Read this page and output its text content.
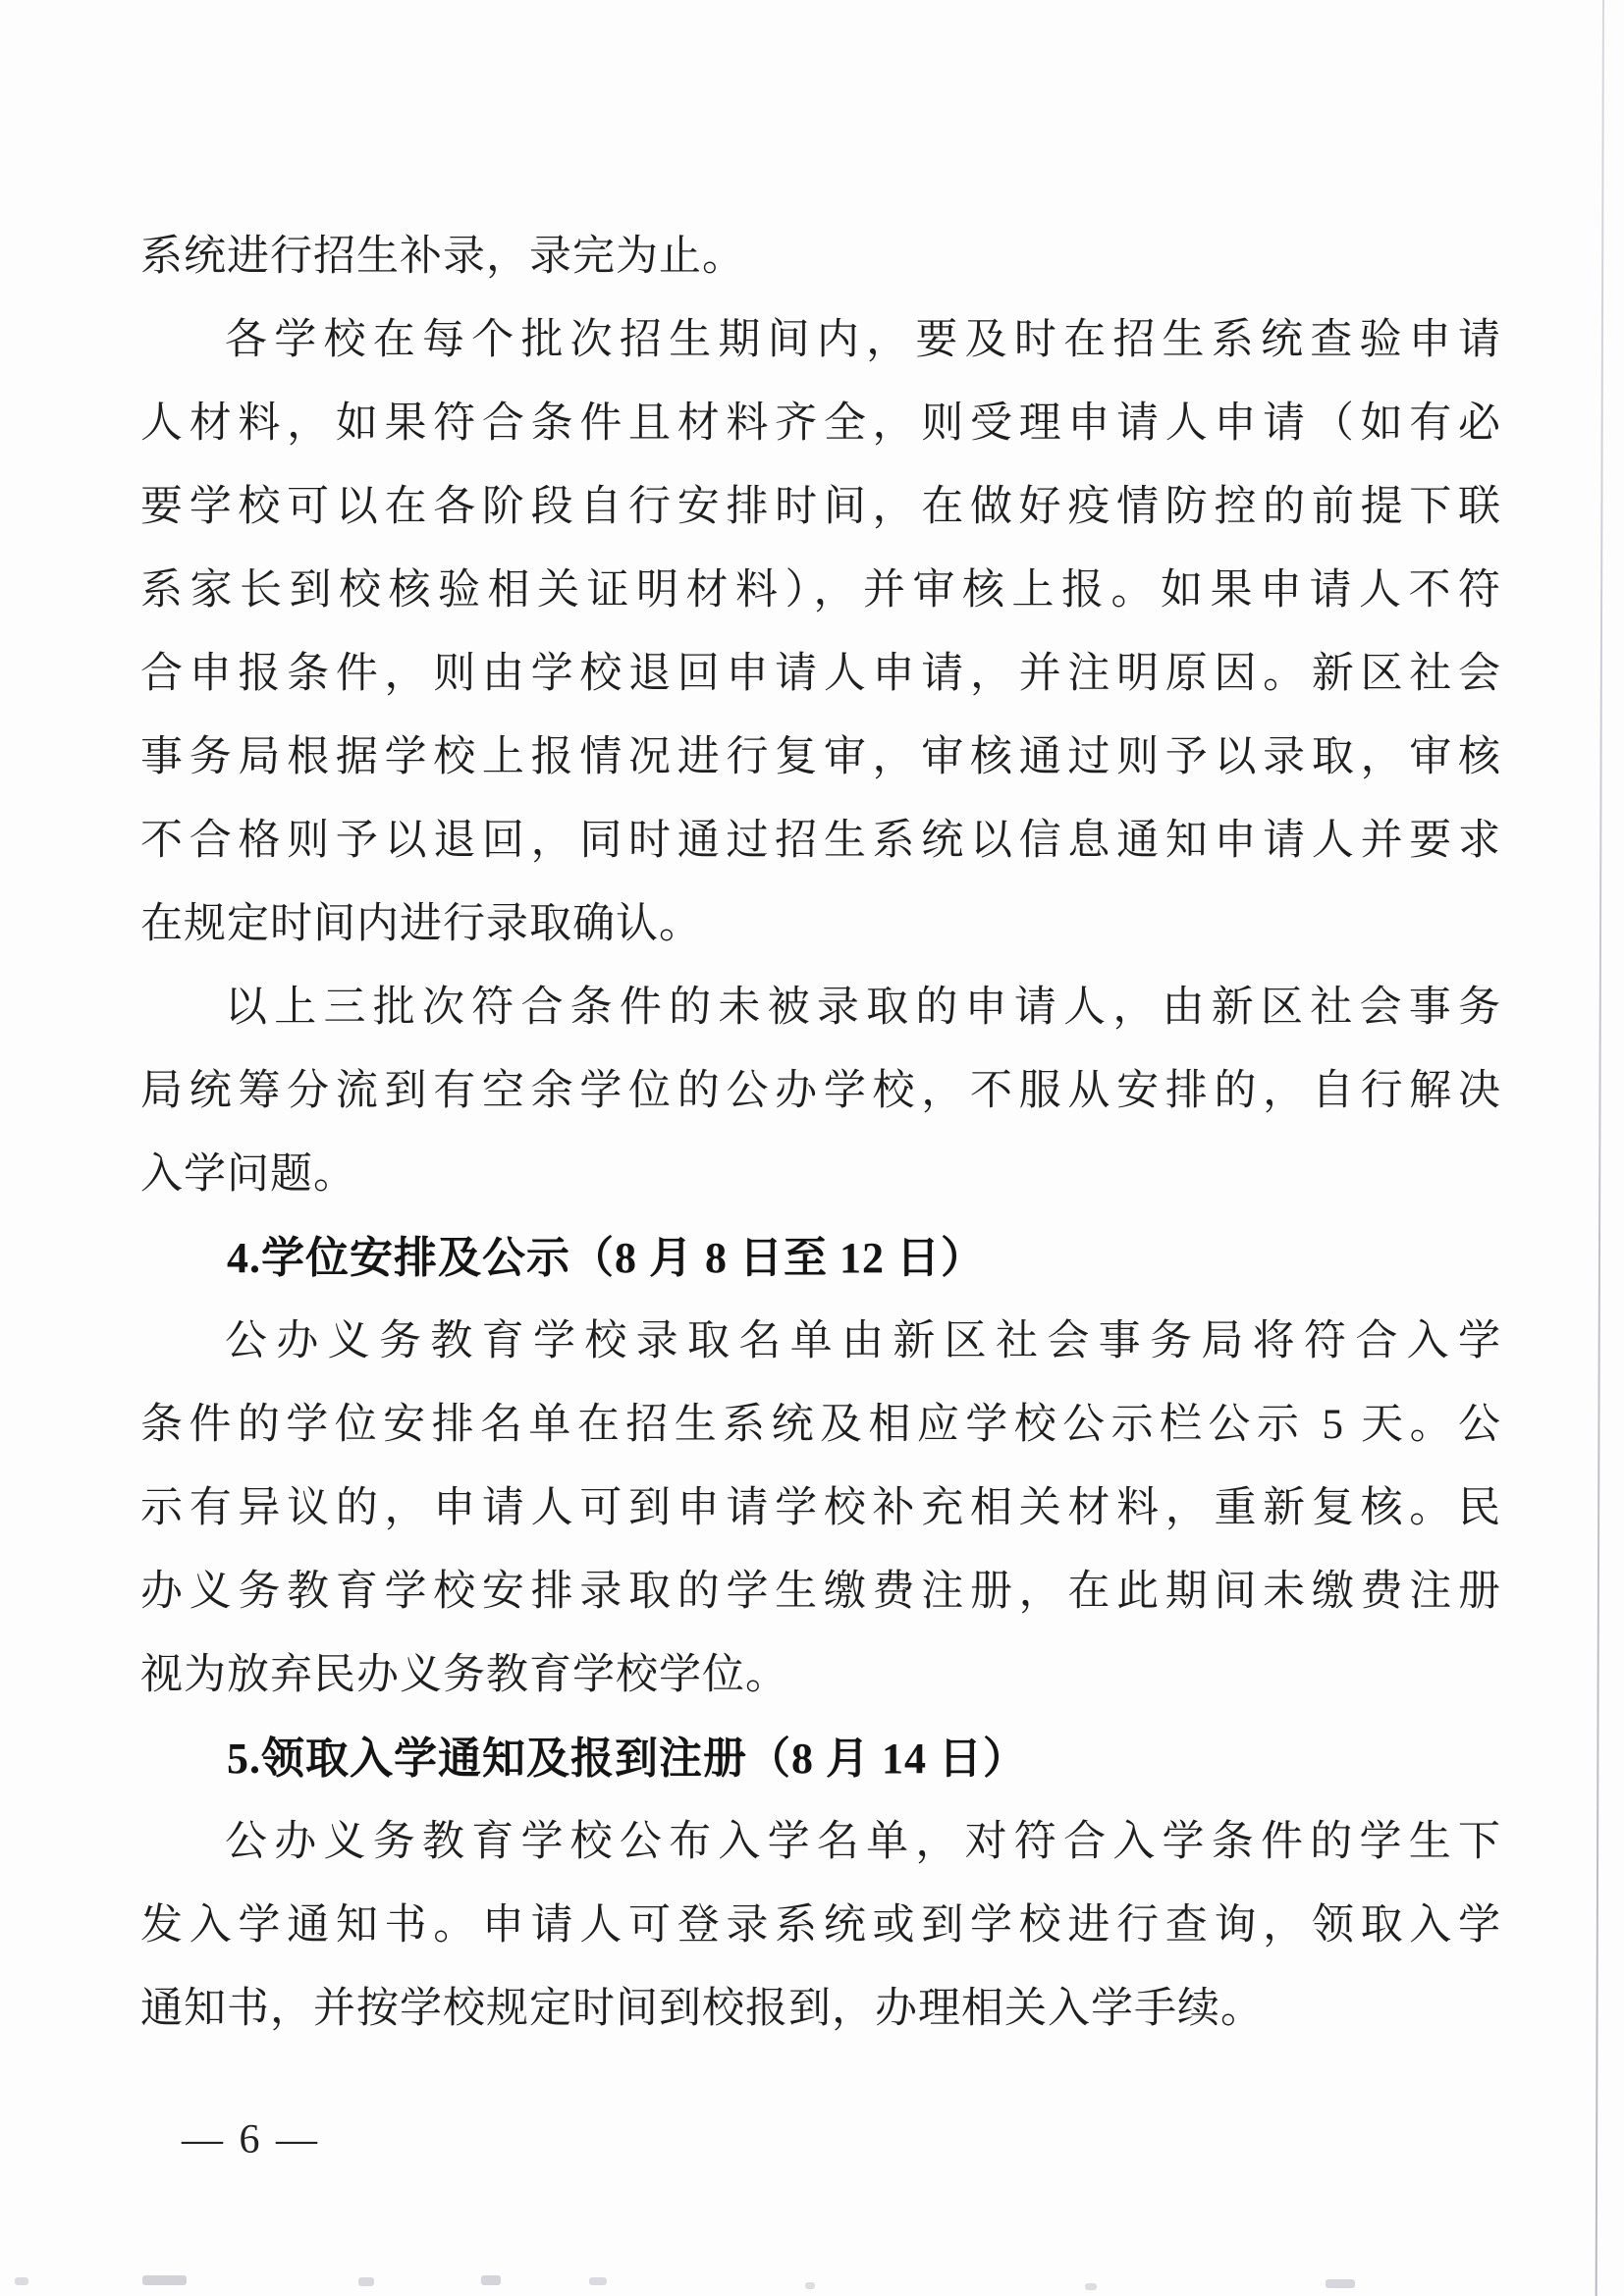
系统进行招生补录，录完为止。
各学校在每个批次招生期间内，要及时在招生系统查验申请
人材料，如果符合条件且材料齐全，则受理申请人申请（如有必
要学校可以在各阶段自行安排时间，在做好疫情防控的前提下联
系家长到校核验相关证明材料），并审核上报。如果申请人不符
合申报条件，则由学校退回申请人申请，并注明原因。新区社会
事务局根据学校上报情况进行复审，审核通过则予以录取，审核
不合格则予以退回，同时通过招生系统以信息通知申请人并要求
在规定时间内进行录取确认。
以上三批次符合条件的未被录取的申请人，由新区社会事务
局统筹分流到有空余学位的公办学校，不服从安排的，自行解决
入学问题。
4.学位安排及公示（8 月 8 日至 12 日）
公办义务教育学校录取名单由新区社会事务局将符合入学
条件的学位安排名单在招生系统及相应学校公示栏公示 5 天。公
示有异议的，申请人可到申请学校补充相关材料，重新复核。民
办义务教育学校安排录取的学生缴费注册，在此期间未缴费注册
视为放弃民办义务教育学校学位。
5.领取入学通知及报到注册（8 月 14 日）
公办义务教育学校公布入学名单，对符合入学条件的学生下
发入学通知书。申请人可登录系统或到学校进行查询，领取入学
通知书，并按学校规定时间到校报到，办理相关入学手续。
— 6 —
